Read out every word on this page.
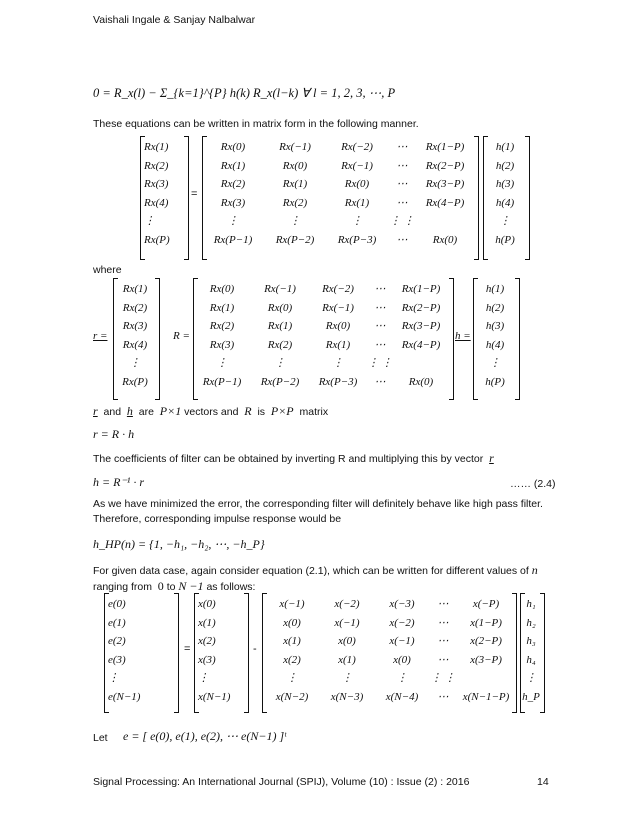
Vaishali Ingale & Sanjay Nalbalwar
0 = R_x(l) − Σ_{k=1}^{P} h(k) R_x(l−k) ∀ l = 1, 2, 3, ⋯, P
These equations can be written in matrix form in the following manner.
Rx(1)
Rx(2)
Rx(3)
Rx(4)
⋮
Rx(P)
=
Rx(0)
Rx(1)
Rx(2)
Rx(3)
⋮
Rx(P−1)
Rx(−1)
Rx(0)
Rx(1)
Rx(2)
⋮
Rx(P−2)
Rx(−2)
Rx(−1)
Rx(0)
Rx(1)
⋮
Rx(P−3)
⋯
⋯
⋯
⋯
⋮ ⋮
⋯
Rx(1−P)
Rx(2−P)
Rx(3−P)
Rx(4−P)

Rx(0)
h(1)
h(2)
h(3)
h(4)
⋮
h(P)
where
r =
Rx(1)
Rx(2)
Rx(3)
Rx(4)
⋮
Rx(P)
R =
Rx(0)
Rx(1)
Rx(2)
Rx(3)
⋮
Rx(P−1)
Rx(−1)
Rx(0)
Rx(1)
Rx(2)
⋮
Rx(P−2)
Rx(−2)
Rx(−1)
Rx(0)
Rx(1)
⋮
Rx(P−3)
⋯
⋯
⋯
⋯
⋮ ⋮
⋯
Rx(1−P)
Rx(2−P)
Rx(3−P)
Rx(4−P)

Rx(0)
h =
h(1)
h(2)
h(3)
h(4)
⋮
h(P)
r and h are P×1 vectors and R is P×P matrix
r = R · h
The coefficients of filter can be obtained by inverting R and multiplying this by vector r
h = R⁻¹ · r	…… (2.4)
As we have minimized the error, the corresponding filter will definitely behave like high pass filter. Therefore, corresponding impulse response would be
h_HP(n) = {1, −h₁, −h₂, ⋯, −h_P}
For given data case, again consider equation (2.1), which can be written for different values of n
ranging from 0 to N −1 as follows:
e(0)
e(1)
e(2)
e(3)
⋮
e(N−1)
=
x(0)
x(1)
x(2)
x(3)
⋮
x(N−1)
-
x(−1)
x(0)
x(1)
x(2)
⋮
x(N−2)
x(−2)
x(−1)
x(0)
x(1)
⋮
x(N−3)
x(−3)
x(−2)
x(−1)
x(0)
⋮
x(N−4)
⋯
⋯
⋯
⋯
⋮ ⋮
⋯
x(−P)
x(1−P)
x(2−P)
x(3−P)

x(N−1−P)
h₁
h₂
h₃
h₄
⋮
h_P
Let e = [ e(0), e(1), e(2), ⋯ e(N−1) ]ᵗ
Signal Processing: An International Journal (SPIJ), Volume (10) : Issue (2) : 2016	14
